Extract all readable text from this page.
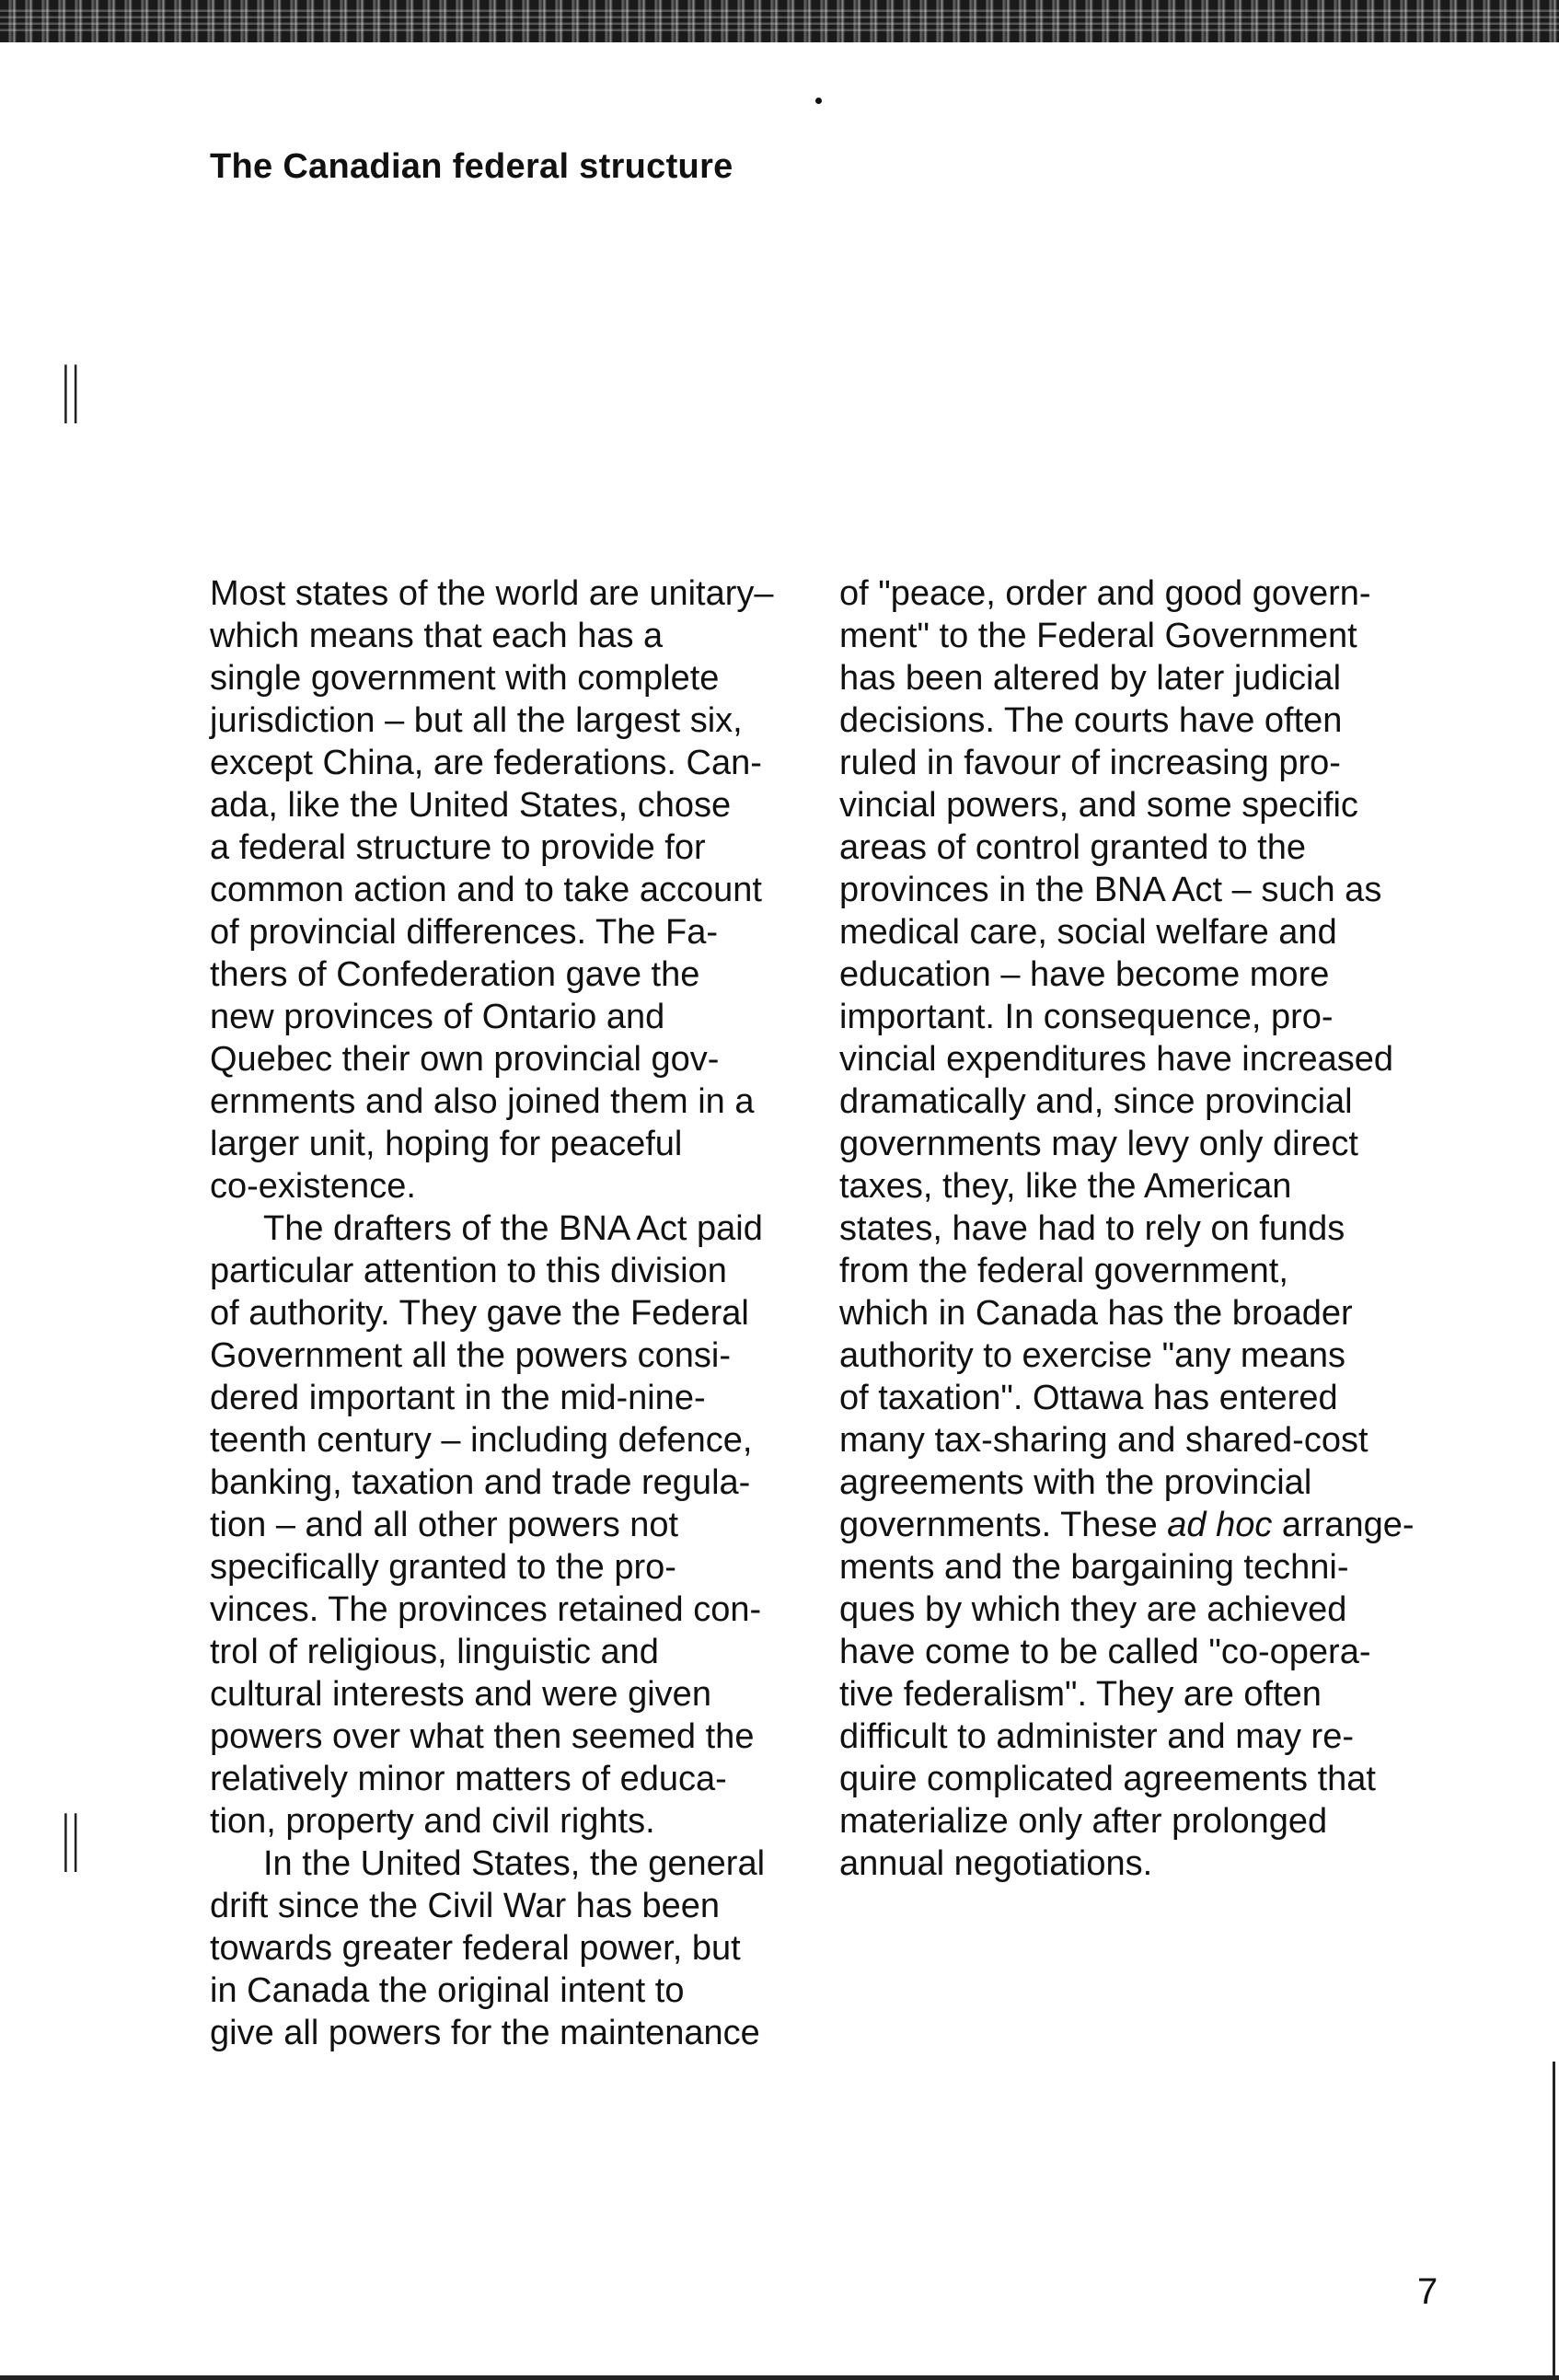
||
||
The Canadian federal structure
Most states of the world are unitary–
which means that each has a
single government with complete
jurisdiction – but all the largest six,
except China, are federations. Can-
ada, like the United States, chose
a federal structure to provide for
common action and to take account
of provincial differences. The Fa-
thers of Confederation gave the
new provinces of Ontario and
Quebec their own provincial gov-
ernments and also joined them in a
larger unit, hoping for peaceful
co-existence.
The drafters of the BNA Act paid
particular attention to this division
of authority. They gave the Federal
Government all the powers consi-
dered important in the mid-nine-
teenth century – including defence,
banking, taxation and trade regula-
tion – and all other powers not
specifically granted to the pro-
vinces. The provinces retained con-
trol of religious, linguistic and
cultural interests and were given
powers over what then seemed the
relatively minor matters of educa-
tion, property and civil rights.
In the United States, the general
drift since the Civil War has been
towards greater federal power, but
in Canada the original intent to
give all powers for the maintenance
of "peace, order and good govern-
ment" to the Federal Government
has been altered by later judicial
decisions. The courts have often
ruled in favour of increasing pro-
vincial powers, and some specific
areas of control granted to the
provinces in the BNA Act – such as
medical care, social welfare and
education – have become more
important. In consequence, pro-
vincial expenditures have increased
dramatically and, since provincial
governments may levy only direct
taxes, they, like the American
states, have had to rely on funds
from the federal government,
which in Canada has the broader
authority to exercise "any means
of taxation". Ottawa has entered
many tax-sharing and shared-cost
agreements with the provincial
governments. These ad hoc arrange-
ments and the bargaining techni-
ques by which they are achieved
have come to be called "co-opera-
tive federalism". They are often
difficult to administer and may re-
quire complicated agreements that
materialize only after prolonged
annual negotiations.
7
